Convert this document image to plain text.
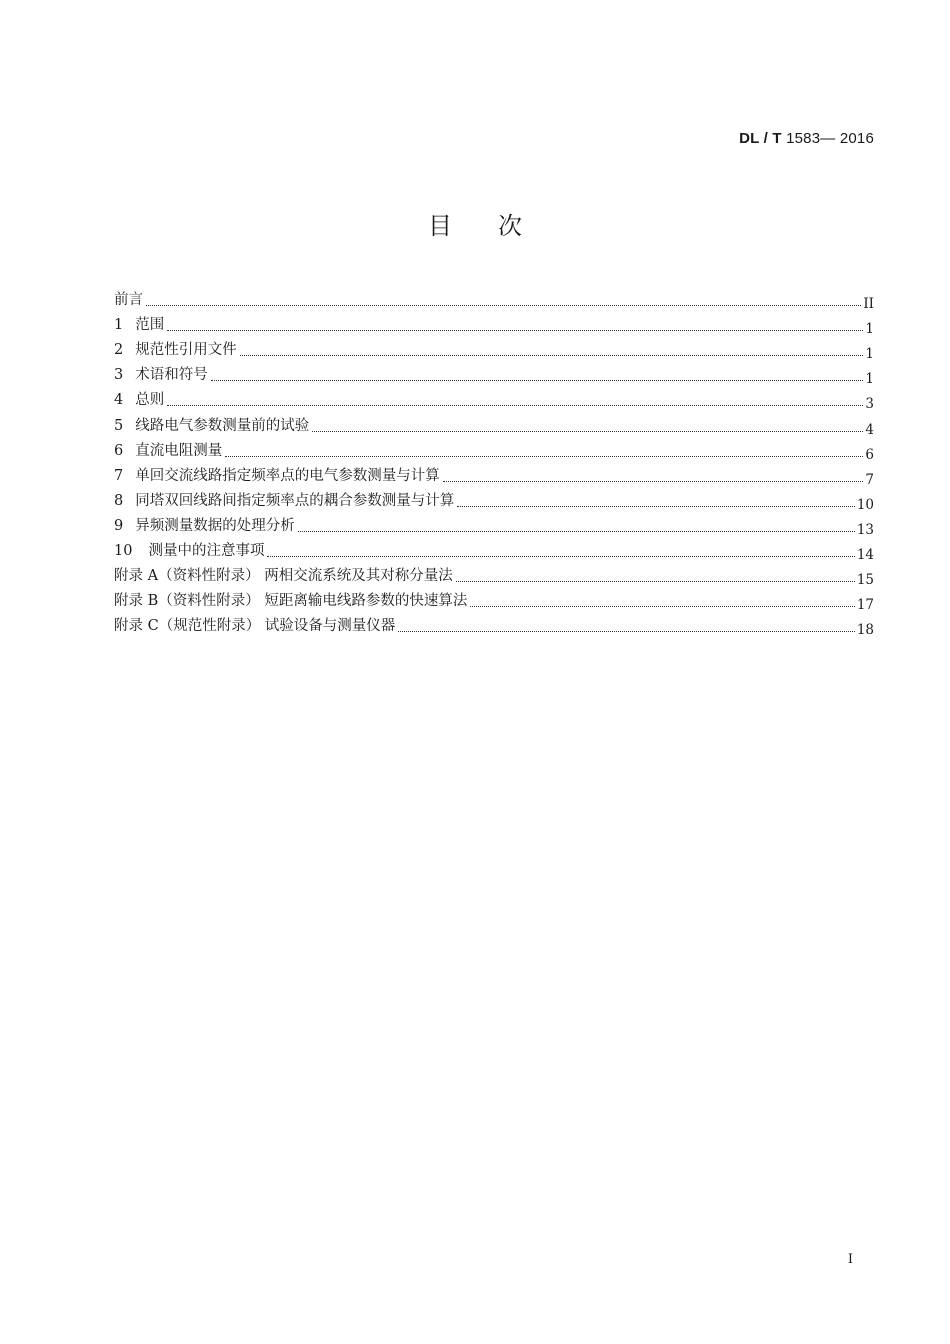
DL / T 1583— 2016
目次
前言	II
1 范围	1
2 规范性引用文件	1
3 术语和符号	1
4 总则	3
5 线路电气参数测量前的试验	4
6 直流电阻测量	6
7 单回交流线路指定频率点的电气参数测量与计算	7
8 同塔双回线路间指定频率点的耦合参数测量与计算	10
9 异频测量数据的处理分析	13
10 测量中的注意事项	14
附录 A（资料性附录） 两相交流系统及其对称分量法	15
附录 B（资料性附录） 短距离输电线路参数的快速算法	17
附录 C（规范性附录） 试验设备与测量仪器	18
I
